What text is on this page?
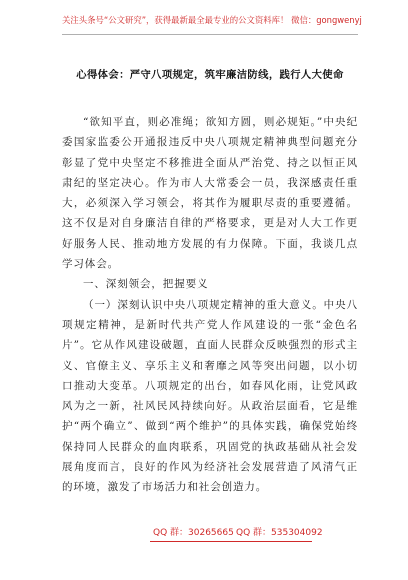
关注头条号“公文研究”，获得最新最全最专业的公文资料库！ 微信：gongwenyj
心得体会：严守八项规定，筑牢廉洁防线，践行人大使命

“欲知平直，则必准绳；欲知方圆，则必规矩。”中央纪委国家监委公开通报违反中央八项规定精神典型问题充分彰显了党中央坚定不移推进全面从严治党、持之以恒正风肃纪的坚定决心。作为市人大常委会一员，我深感责任重大，必须深入学习领会，将其作为履职尽责的重要遵循。这不仅是对自身廉洁自律的严格要求，更是对人大工作更好服务人民、推动地方发展的有力保障。下面，我谈几点学习体会。

一、深刻领会，把握要义

（一）深刻认识中央八项规定精神的重大意义。中央八项规定精神，是新时代共产党人作风建设的一张“金色名片”。它从作风建设破题，直面人民群众反映强烈的形式主义、官僚主义、享乐主义和奢靡之风等突出问题，以小切口推动大变革。八项规定的出台，如春风化雨，让党风政风为之一新，社风民风持续向好。从政治层面看，它是维护“两个确立”、做到“两个维护”的具体实践，确保党始终保持同人民群众的血肉联系，巩固党的执政基础从社会发展角度而言，良好的作风为经济社会发展营造了风清气正的环境，激发了市场活力和社会创造力。

QQ 群：30265665 QQ 群：535304092
